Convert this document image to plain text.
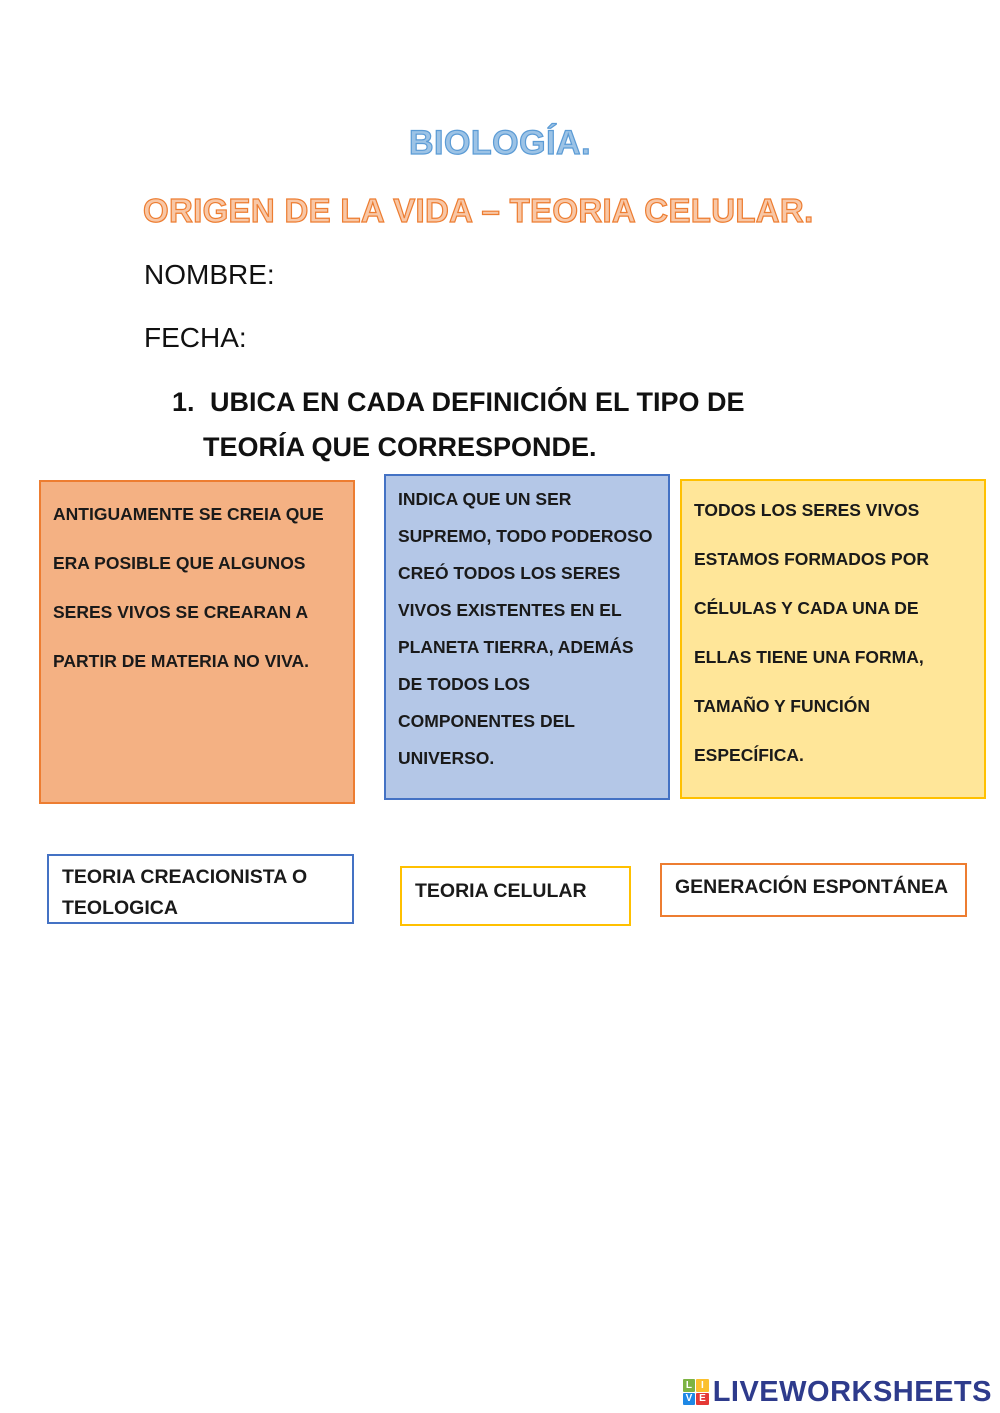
BIOLOGÍA.
ORIGEN DE LA VIDA – TEORIA CELULAR.
NOMBRE:
FECHA:
1. UBICA EN CADA DEFINICIÓN EL TIPO DE
TEORÍA QUE CORRESPONDE.
ANTIGUAMENTE SE CREIA QUE ERA POSIBLE QUE ALGUNOS SERES VIVOS SE CREARAN A PARTIR DE MATERIA NO VIVA.
INDICA QUE UN SER SUPREMO, TODO PODEROSO CREÓ TODOS LOS SERES VIVOS EXISTENTES EN EL PLANETA TIERRA, ADEMÁS DE TODOS LOS COMPONENTES DEL UNIVERSO.
TODOS LOS SERES VIVOS ESTAMOS FORMADOS POR CÉLULAS Y CADA UNA DE ELLAS TIENE UNA FORMA, TAMAÑO Y FUNCIÓN ESPECÍFICA.
TEORIA CREACIONISTA O TEOLOGICA
TEORIA CELULAR	GENERACIÓN ESPONTÁNEA
L I
V E LIVEWORKSHEETS
